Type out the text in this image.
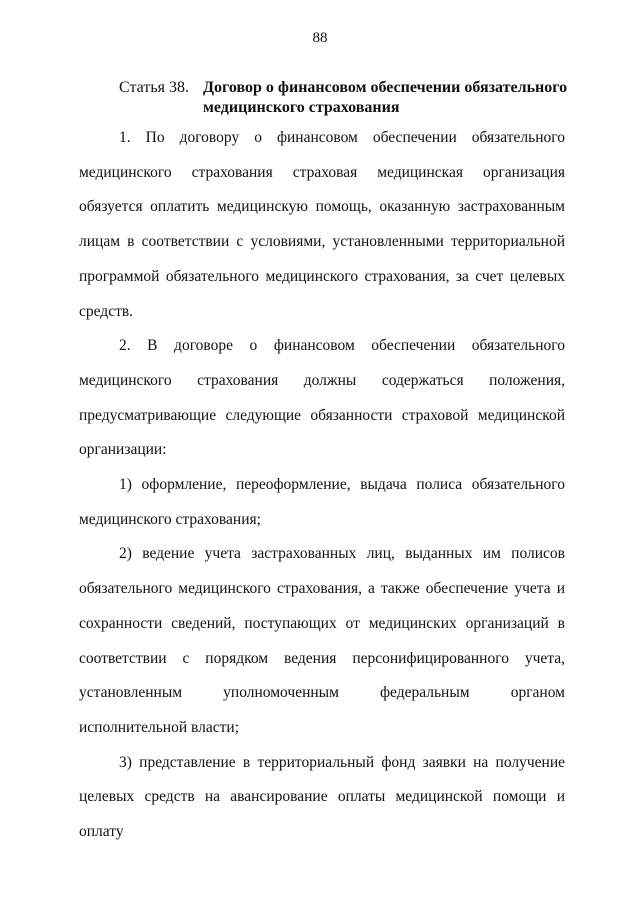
88
Статья 38. Договор о финансовом обеспечении обязательного медицинского страхования

1. По договору о финансовом обеспечении обязательного медицинского страхования страховая медицинская организация обязуется оплатить медицинскую помощь, оказанную застрахованным лицам в соответствии с условиями, установленными территориальной программой обязательного медицинского страхования, за счет целевых средств.

2. В договоре о финансовом обеспечении обязательного медицинского страхования должны содержаться положения, предусматривающие следующие обязанности страховой медицинской организации:

1) оформление, переоформление, выдача полиса обязательного медицинского страхования;

2) ведение учета застрахованных лиц, выданных им полисов обязательного медицинского страхования, а также обеспечение учета и сохранности сведений, поступающих от медицинских организаций в соответствии с порядком ведения персонифицированного учета, установленным уполномоченным федеральным органом исполнительной власти;

3) представление в территориальный фонд заявки на получение целевых средств на авансирование оплаты медицинской помощи и оплату
